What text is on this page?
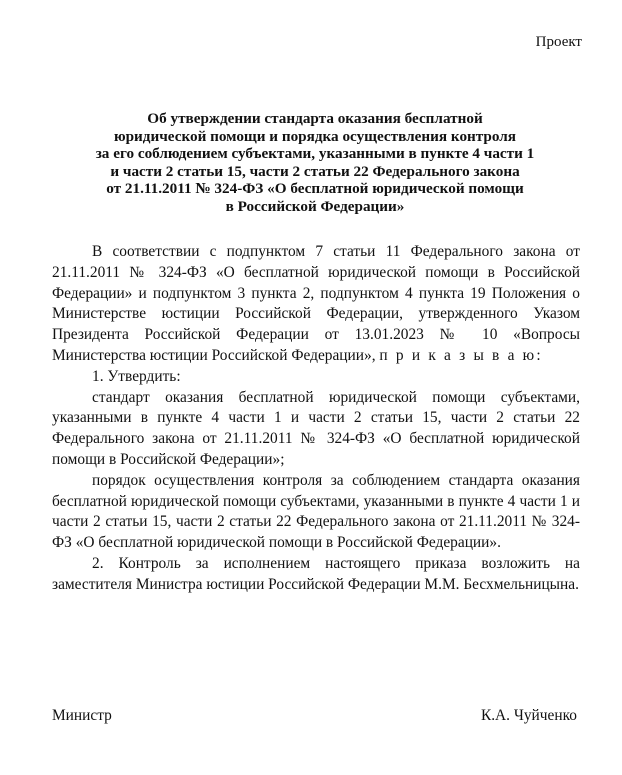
Проект
Об утверждении стандарта оказания бесплатной
юридической помощи и порядка осуществления контроля
за его соблюдением субъектами, указанными в пункте 4 части 1
и части 2 статьи 15, части 2 статьи 22 Федерального закона
от 21.11.2011 № 324-ФЗ «О бесплатной юридической помощи
в Российской Федерации»

В соответствии с подпунктом 7 статьи 11 Федерального закона от 21.11.2011 № 324-ФЗ «О бесплатной юридической помощи в Российской Федерации» и подпунктом 3 пункта 2, подпунктом 4 пункта 19 Положения о Министерстве юстиции Российской Федерации, утвержденного Указом Президента Российской Федерации от 13.01.2023 № 10 «Вопросы Министерства юстиции Российской Федерации», п р и к а з ы в а ю:

1. Утвердить:

стандарт оказания бесплатной юридической помощи субъектами, указанными в пункте 4 части 1 и части 2 статьи 15, части 2 статьи 22 Федерального закона от 21.11.2011 № 324-ФЗ «О бесплатной юридической помощи в Российской Федерации»;

порядок осуществления контроля за соблюдением стандарта оказания бесплатной юридической помощи субъектами, указанными в пункте 4 части 1 и части 2 статьи 15, части 2 статьи 22 Федерального закона от 21.11.2011 № 324-ФЗ «О бесплатной юридической помощи в Российской Федерации».

2. Контроль за исполнением настоящего приказа возложить на заместителя Министра юстиции Российской Федерации М.М. Бесхмельницына.

Министр	К.А. Чуйченко
